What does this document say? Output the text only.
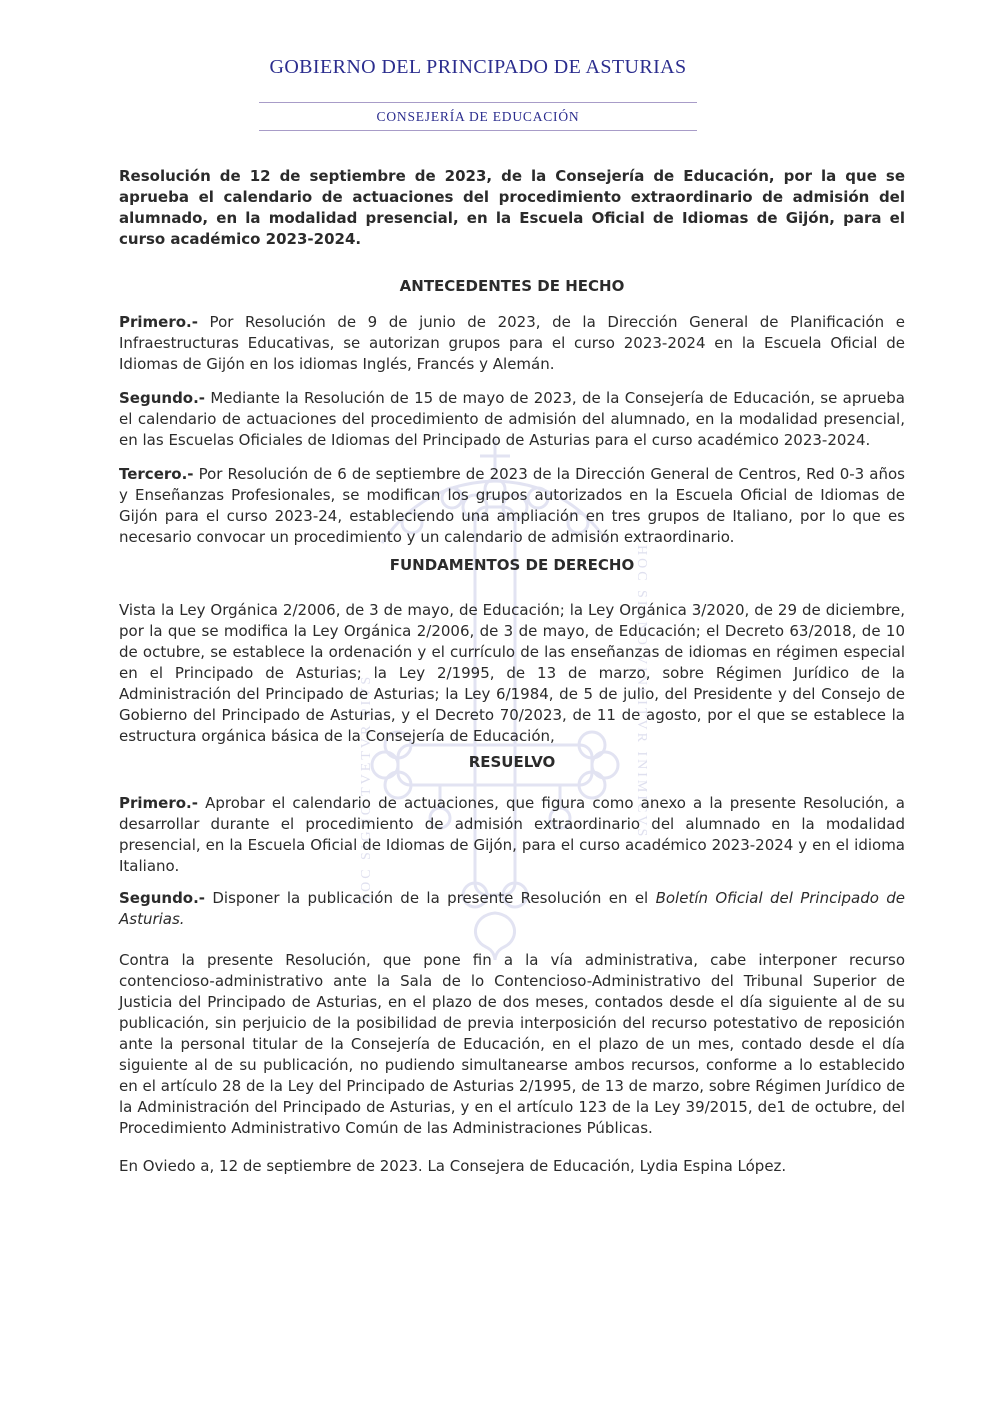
HOC SIGNO TVETVR PIVS	HOC SIGNO VINCITVR INIMICVS
GOBIERNO DEL PRINCIPADO DE ASTURIAS
CONSEJERÍA DE EDUCACIÓN

Resolución de 12 de septiembre de 2023, de la Consejería de Educación, por la que se aprueba el calendario de actuaciones del procedimiento extraordinario de admisión del alumnado, en la modalidad presencial, en la Escuela Oficial de Idiomas de Gijón, para el curso académico 2023-2024.

ANTECEDENTES DE HECHO

Primero.- Por Resolución de 9 de junio de 2023, de la Dirección General de Planificación e Infraestructuras Educativas, se autorizan grupos para el curso 2023-2024 en la Escuela Oficial de Idiomas de Gijón en los idiomas Inglés, Francés y Alemán.

Segundo.- Mediante la Resolución de 15 de mayo de 2023, de la Consejería de Educación, se aprueba el calendario de actuaciones del procedimiento de admisión del alumnado, en la modalidad presencial, en las Escuelas Oficiales de Idiomas del Principado de Asturias para el curso académico 2023-2024.

Tercero.- Por Resolución de 6 de septiembre de 2023 de la Dirección General de Centros, Red 0-3 años y Enseñanzas Profesionales, se modifican los grupos autorizados en la Escuela Oficial de Idiomas de Gijón para el curso 2023-24, estableciendo una ampliación en tres grupos de Italiano, por lo que es necesario convocar un procedimiento y un calendario de admisión extraordinario.

FUNDAMENTOS DE DERECHO

Vista la Ley Orgánica 2/2006, de 3 de mayo, de Educación; la Ley Orgánica 3/2020, de 29 de diciembre, por la que se modifica la Ley Orgánica 2/2006, de 3 de mayo, de Educación; el Decreto 63/2018, de 10 de octubre, se establece la ordenación y el currículo de las enseñanzas de idiomas en régimen especial en el Principado de Asturias; la Ley 2/1995, de 13 de marzo, sobre Régimen Jurídico de la Administración del Principado de Asturias; la Ley 6/1984, de 5 de julio, del Presidente y del Consejo de Gobierno del Principado de Asturias, y el Decreto 70/2023, de 11 de agosto, por el que se establece la estructura orgánica básica de la Consejería de Educación,

RESUELVO

Primero.- Aprobar el calendario de actuaciones, que figura como anexo a la presente Resolución, a desarrollar durante el procedimiento de admisión extraordinario del alumnado en la modalidad presencial, en la Escuela Oficial de Idiomas de Gijón, para el curso académico 2023-2024 y en el idioma Italiano.

Segundo.- Disponer la publicación de la presente Resolución en el Boletín Oficial del Principado de Asturias.

Contra la presente Resolución, que pone fin a la vía administrativa, cabe interponer recurso contencioso-administrativo ante la Sala de lo Contencioso-Administrativo del Tribunal Superior de Justicia del Principado de Asturias, en el plazo de dos meses, contados desde el día siguiente al de su publicación, sin perjuicio de la posibilidad de previa interposición del recurso potestativo de reposición ante la personal titular de la Consejería de Educación, en el plazo de un mes, contado desde el día siguiente al de su publicación, no pudiendo simultanearse ambos recursos, conforme a lo establecido en el artículo 28 de la Ley del Principado de Asturias 2/1995, de 13 de marzo, sobre Régimen Jurídico de la Administración del Principado de Asturias, y en el artículo 123 de la Ley 39/2015, de1 de octubre, del Procedimiento Administrativo Común de las Administraciones Públicas.

En Oviedo a, 12 de septiembre de 2023. La Consejera de Educación, Lydia Espina López.
